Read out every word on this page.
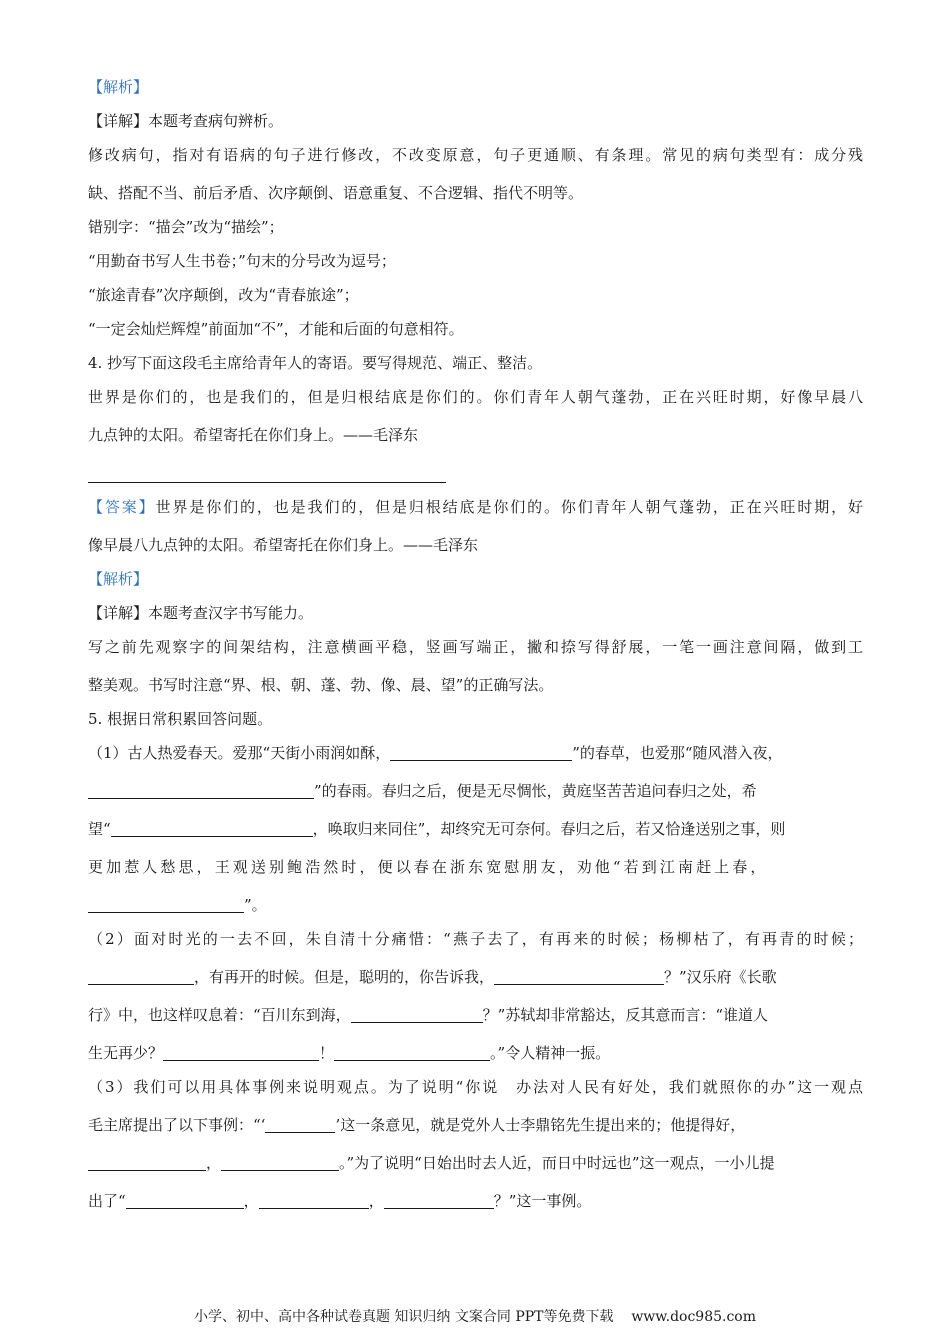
【解析】
【详解】本题考查病句辨析。
修改病句，指对有语病的句子进行修改，不改变原意，句子更通顺、有条理。常见的病句类型有：成分残
缺、搭配不当、前后矛盾、次序颠倒、语意重复、不合逻辑、指代不明等。
错别字：“描会”改为“描绘”；
“用勤奋书写人生书卷；”句末的分号改为逗号；
“旅途青春”次序颠倒，改为“青春旅途”；
“一定会灿烂辉煌”前面加“不”，才能和后面的句意相符。
4. 抄写下面这段毛主席给青年人的寄语。要写得规范、端正、整洁。
世界是你们的，也是我们的，但是归根结底是你们的。你们青年人朝气蓬勃，正在兴旺时期，好像早晨八
九点钟的太阳。希望寄托在你们身上。——毛泽东
【答案】世界是你们的，也是我们的，但是归根结底是你们的。你们青年人朝气蓬勃，正在兴旺时期，好
像早晨八九点钟的太阳。希望寄托在你们身上。——毛泽东
【解析】
【详解】本题考查汉字书写能力。
写之前先观察字的间架结构，注意横画平稳，竖画写端正，撇和捺写得舒展，一笔一画注意间隔，做到工
整美观。书写时注意“界、根、朝、蓬、勃、像、晨、望”的正确写法。
5. 根据日常积累回答问题。
（1）古人热爱春天。爱那“天街小雨润如酥，	”的春草，也爱那“随风潜入夜，
”的春雨。春归之后，便是无尽惆怅，黄庭坚苦苦追问春归之处，希
望“	，唤取归来同住”，却终究无可奈何。春归之后，若又恰逢送别之事，则
更加惹人愁思，王观送别鲍浩然时，便以春在浙东宽慰朋友，劝他“若到江南赶上春，
”。
（2）面对时光的一去不回，朱自清十分痛惜：“燕子去了，有再来的时候；杨柳枯了，有再青的时候；
，有再开的时候。但是，聪明的，你告诉我，	？”汉乐府《长歌
行》中，也这样叹息着：“百川东到海，	？”苏轼却非常豁达，反其意而言：“谁道人
生无再少？	！	。”令人精神一振。
（3）我们可以用具体事例来说明观点。为了说明“你说　办法对人民有好处，我们就照你的办”这一观点
毛主席提出了以下事例：“‘	’这一条意见，就是党外人士李鼎铭先生提出来的；他提得好，
，	。”为了说明“日始出时去人近，而日中时远也”这一观点，一小儿提
出了“	，	，	？”这一事例。
小学、初中、高中各种试卷真题 知识归纳 文案合同 PPT等免费下载 www.doc985.com
